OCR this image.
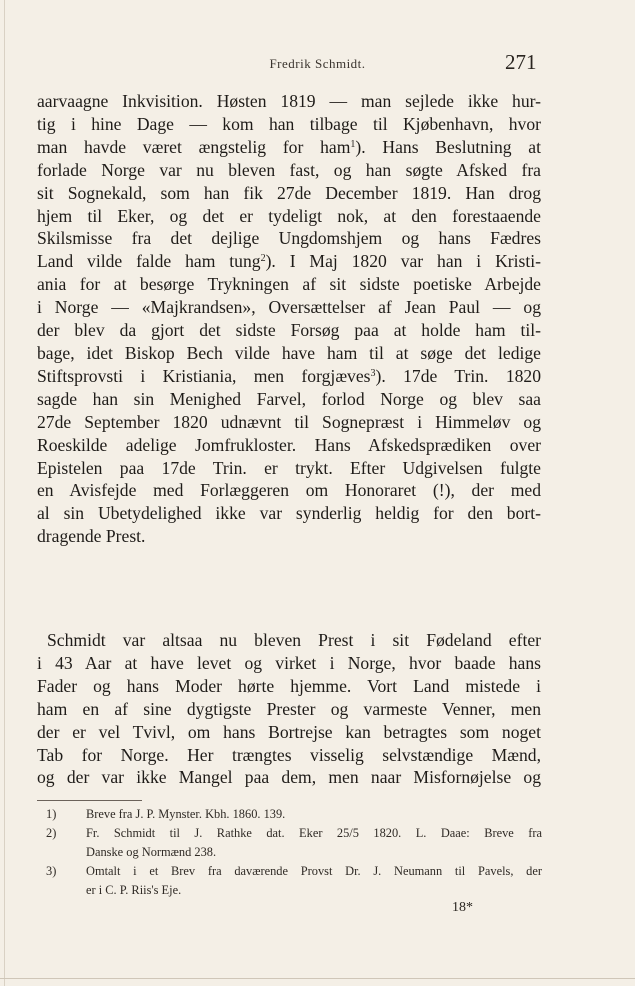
Fredrik Schmidt.	271
aarvaagne Inkvisition. Høsten 1819 — man sejlede ikke hur-
tig i hine Dage — kom han tilbage til Kjøbenhavn, hvor
man havde været ængstelig for ham$^1$). Hans Beslutning at
forlade Norge var nu bleven fast, og han søgte Afsked fra
sit Sognekald, som han fik 27de December 1819. Han drog
hjem til Eker, og det er tydeligt nok, at den forestaaende
Skilsmisse fra det dejlige Ungdomshjem og hans Fædres
Land vilde falde ham tung$^2$). I Maj 1820 var han i Kristi-
ania for at besørge Trykningen af sit sidste poetiske Arbejde
i Norge — «Majkrandsen», Oversættelser af Jean Paul — og
der blev da gjort det sidste Forsøg paa at holde ham til-
bage, idet Biskop Bech vilde have ham til at søge det ledige
Stiftsprovsti i Kristiania, men forgjæves$^3$). 17de Trin. 1820
sagde han sin Menighed Farvel, forlod Norge og blev saa
27de September 1820 udnævnt til Sognepræst i Himmeløv og
Roeskilde adelige Jomfrukloster. Hans Afskedsprædiken over
Epistelen paa 17de Trin. er trykt. Efter Udgivelsen fulgte
en Avisfejde med Forlæggeren om Honoraret (!), der med
al sin Ubetydelighed ikke var synderlig heldig for den bort-
dragende Prest.
Schmidt var altsaa nu bleven Prest i sit Fødeland efter
i 43 Aar at have levet og virket i Norge, hvor baade hans
Fader og hans Moder hørte hjemme. Vort Land mistede i
ham en af sine dygtigste Prester og varmeste Venner, men
der er vel Tvivl, om hans Bortrejse kan betragtes som noget
Tab for Norge. Her trængtes visselig selvstændige Mænd,
og der var ikke Mangel paa dem, men naar Misfornøjelse og
1)	Breve fra J. P. Mynster. Kbh. 1860. 139.
2)	Fr. Schmidt til J. Rathke dat. Eker 25/5 1820. L. Daae: Breve fra
Danske og Normænd 238.
3)	Omtalt i et Brev fra daværende Provst Dr. J. Neumann til Pavels, der
er i C. P. Riis's Eje.
18*
